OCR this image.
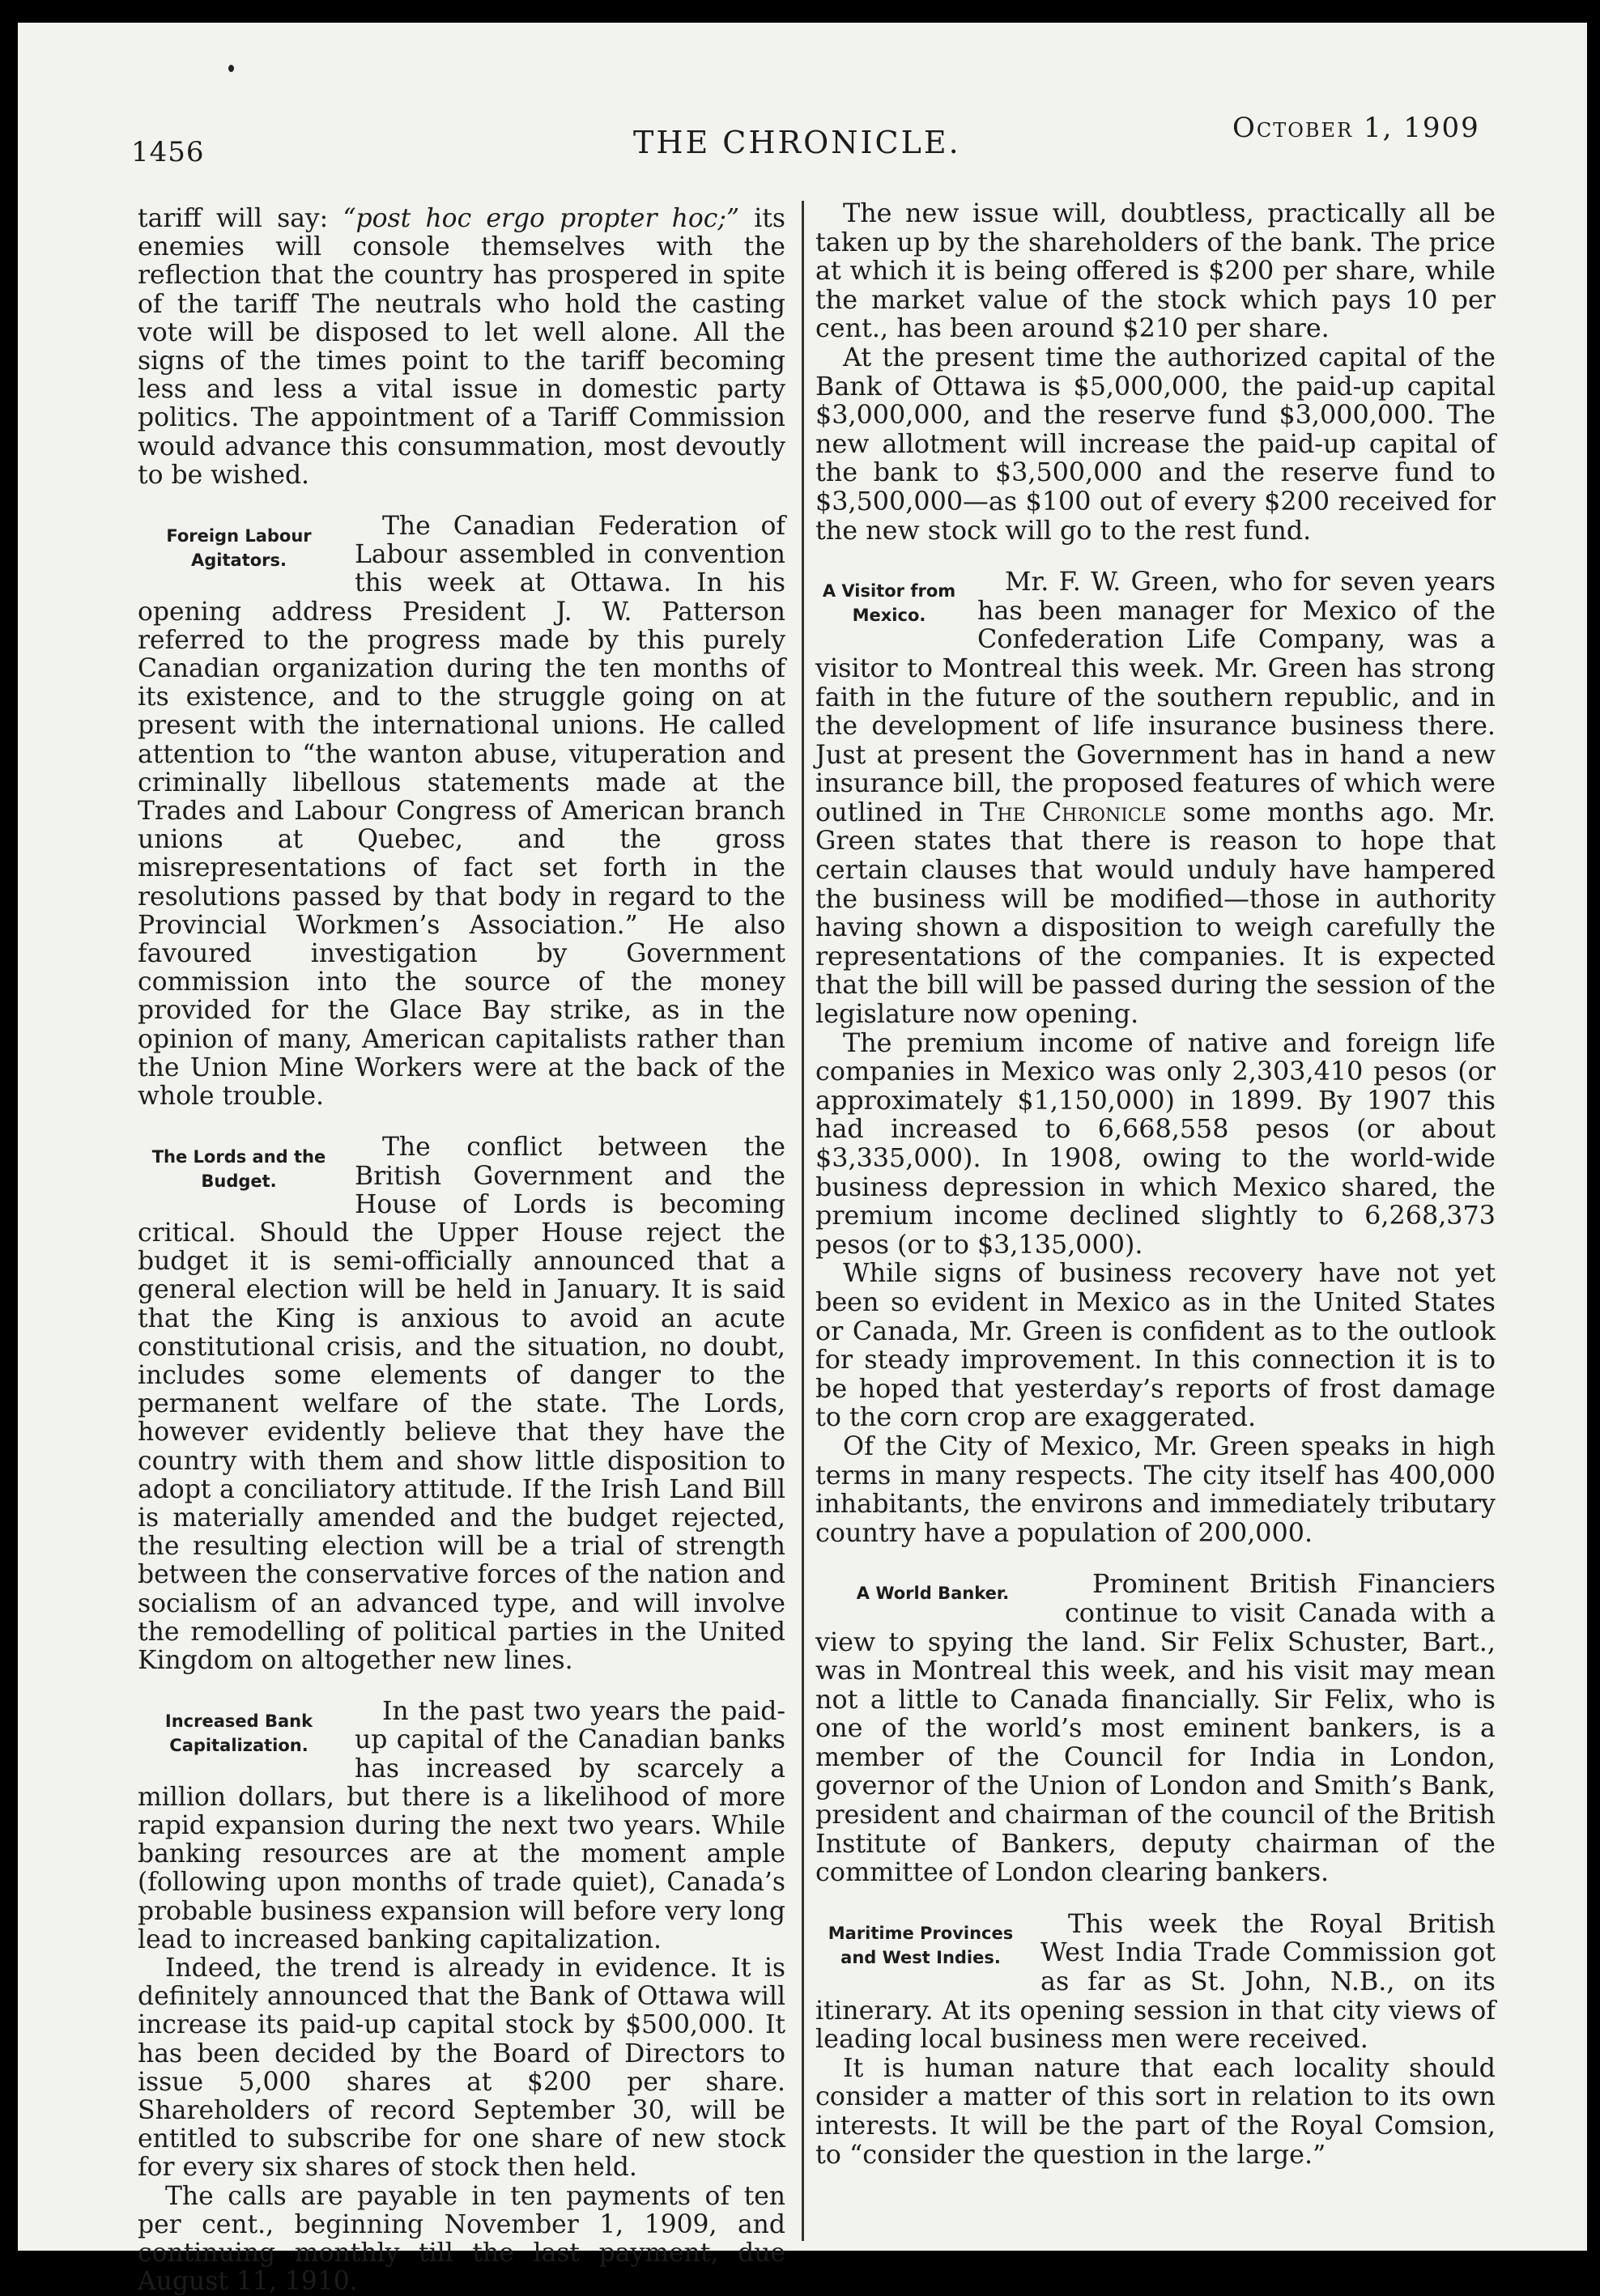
1456	THE CHRONICLE.	October 1, 1909

tariff will say: “post hoc ergo propter hoc;” its enemies will console themselves with the reflection that the country has prospered in spite of the tariff The neutrals who hold the casting vote will be disposed to let well alone. All the signs of the times point to the tariff becoming less and less a vital issue in domestic party politics. The appointment of a Tariff Commission would advance this consummation, most devoutly to be wished.

Foreign Labour Agitators.

The Canadian Federation of Labour assembled in convention this week at Ottawa. In his opening address President J. W. Patterson referred to the progress made by this purely Canadian organization during the ten months of its existence, and to the struggle going on at present with the international unions. He called attention to “the wanton abuse, vituperation and criminally libellous statements made at the Trades and Labour Congress of American branch unions at Quebec, and the gross misrepresentations of fact set forth in the resolutions passed by that body in regard to the Provincial Workmen’s Association.” He also favoured investigation by Government commission into the source of the money provided for the Glace Bay strike, as in the opinion of many, American capitalists rather than the Union Mine Workers were at the back of the whole trouble.

The Lords and the Budget.

The conflict between the British Government and the House of Lords is becoming critical. Should the Upper House reject the budget it is semi-officially announced that a general election will be held in January. It is said that the King is anxious to avoid an acute constitutional crisis, and the situation, no doubt, includes some elements of danger to the permanent welfare of the state. The Lords, however evidently believe that they have the country with them and show little disposition to adopt a conciliatory attitude. If the Irish Land Bill is materially amended and the budget rejected, the resulting election will be a trial of strength between the conservative forces of the nation and socialism of an advanced type, and will involve the remodelling of political parties in the United Kingdom on altogether new lines.

Increased Bank Capitalization.

In the past two years the paid-up capital of the Canadian banks has increased by scarcely a million dollars, but there is a likelihood of more rapid expansion during the next two years. While banking resources are at the moment ample (following upon months of trade quiet), Canada’s probable business expansion will before very long lead to increased banking capitalization.

Indeed, the trend is already in evidence. It is definitely announced that the Bank of Ottawa will increase its paid-up capital stock by $500,000. It has been decided by the Board of Directors to issue 5,000 shares at $200 per share. Shareholders of record September 30, will be entitled to subscribe for one share of new stock for every six shares of stock then held.

The calls are payable in ten payments of ten per cent., beginning November 1, 1909, and continuing monthly till the last payment, due August 11, 1910.

The new issue will, doubtless, practically all be taken up by the shareholders of the bank. The price at which it is being offered is $200 per share, while the market value of the stock which pays 10 per cent., has been around $210 per share.

At the present time the authorized capital of the Bank of Ottawa is $5,000,000, the paid-up capital $3,000,000, and the reserve fund $3,000,000. The new allotment will increase the paid-up capital of the bank to $3,500,000 and the reserve fund to $3,500,000—as $100 out of every $200 received for the new stock will go to the rest fund.

A Visitor from Mexico.

Mr. F. W. Green, who for seven years has been manager for Mexico of the Confederation Life Company, was a visitor to Montreal this week. Mr. Green has strong faith in the future of the southern republic, and in the development of life insurance business there. Just at present the Government has in hand a new insurance bill, the proposed features of which were outlined in The Chronicle some months ago. Mr. Green states that there is reason to hope that certain clauses that would unduly have hampered the business will be modified—those in authority having shown a disposition to weigh carefully the representations of the companies. It is expected that the bill will be passed during the session of the legislature now opening.

The premium income of native and foreign life companies in Mexico was only 2,303,410 pesos (or approximately $1,150,000) in 1899. By 1907 this had increased to 6,668,558 pesos (or about $3,335,000). In 1908, owing to the world-wide business depression in which Mexico shared, the premium income declined slightly to 6,268,373 pesos (or to $3,135,000).

While signs of business recovery have not yet been so evident in Mexico as in the United States or Canada, Mr. Green is confident as to the outlook for steady improvement. In this connection it is to be hoped that yesterday’s reports of frost damage to the corn crop are exaggerated.

Of the City of Mexico, Mr. Green speaks in high terms in many respects. The city itself has 400,000 inhabitants, the environs and immediately tributary country have a population of 200,000.

A World Banker.	Prominent British Financiers continue to visit Canada with a view to spying the land. Sir Felix Schuster, Bart., was in Montreal this week, and his visit may mean not a little to Canada financially. Sir Felix, who is one of the world’s most eminent bankers, is a member of the Council for India in London, governor of the Union of London and Smith’s Bank, president and chairman of the council of the British Institute of Bankers, deputy chairman of the committee of London clearing bankers.

Maritime Provinces and West Indies.

This week the Royal British West India Trade Commission got as far as St. John, N.B., on its itinerary. At its opening session in that city views of leading local business men were received.

It is human nature that each locality should consider a matter of this sort in relation to its own interests. It will be the part of the Royal Comsion, to “consider the question in the large.”
